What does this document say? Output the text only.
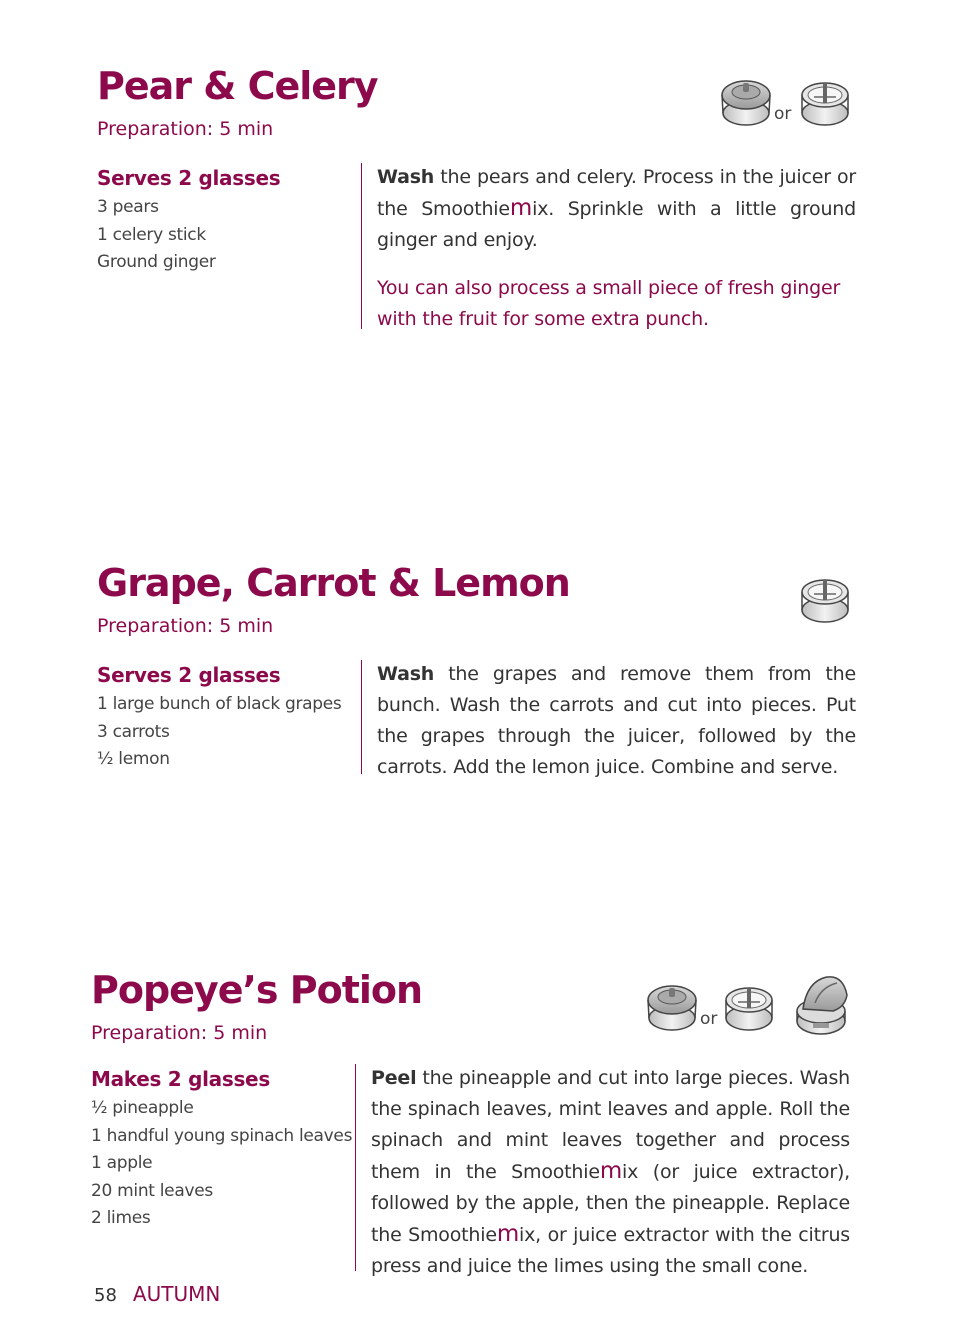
Pear & Celery
Preparation: 5 min
or
Serves 2 glasses
3 pears
1 celery stick
Ground ginger

Wash the pears and celery. Process in the juicer or the Smoothiemix. Sprinkle with a little ground ginger and enjoy.

You can also process a small piece of fresh ginger with the fruit for some extra punch.

Grape, Carrot & Lemon
Preparation: 5 min
Serves 2 glasses
1 large bunch of black grapes
3 carrots
½ lemon

Wash the grapes and remove them from the bunch. Wash the carrots and cut into pieces. Put the grapes through the juicer, followed by the carrots. Add the lemon juice. Combine and serve.

Popeye’s Potion
Preparation: 5 min
or
Makes 2 glasses
½ pineapple
1 handful young spinach leaves
1 apple
20 mint leaves
2 limes

Peel the pineapple and cut into large pieces. Wash the spinach leaves, mint leaves and apple. Roll the spinach and mint leaves together and process them in the Smoothiemix (or juice extractor), followed by the apple, then the pineapple. Replace the Smoothiemix, or juice extractor with the citrus press and juice the limes using the small cone.

58 AUTUMN
